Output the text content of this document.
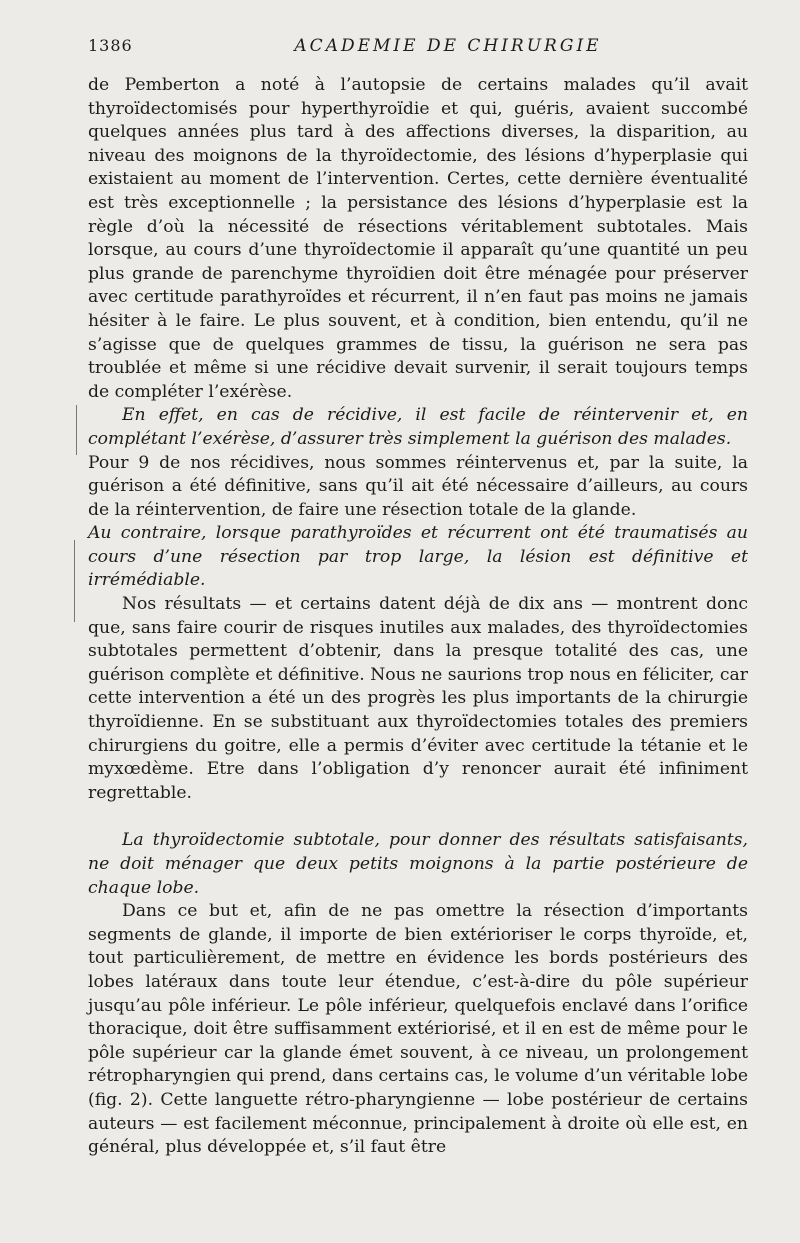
1386	ACADEMIE DE CHIRURGIE

de Pemberton a noté à l’autopsie de certains malades qu’il avait thyroïdectomisés pour hyperthyroïdie et qui, guéris, avaient succombé quelques années plus tard à des affections diverses, la disparition, au niveau des moignons de la thyroïdectomie, des lésions d’hyperplasie qui existaient au moment de l’intervention. Certes, cette dernière éventualité est très exceptionnelle ; la persistance des lésions d’hyperplasie est la règle d’où la nécessité de résections véritablement subtotales. Mais lorsque, au cours d’une thyroïdectomie il apparaît qu’une quantité un peu plus grande de parenchyme thyroïdien doit être ménagée pour préserver avec certitude parathyroïdes et récurrent, il n’en faut pas moins ne jamais hésiter à le faire. Le plus souvent, et à condition, bien entendu, qu’il ne s’agisse que de quelques grammes de tissu, la guérison ne sera pas troublée et même si une récidive devait survenir, il serait toujours temps de compléter l’exérèse.

En effet, en cas de récidive, il est facile de réintervenir et, en complétant l’exérèse, d’assurer très simplement la guérison des malades.

Pour 9 de nos récidives, nous sommes réintervenus et, par la suite, la guérison a été définitive, sans qu’il ait été nécessaire d’ailleurs, au cours de la réintervention, de faire une résection totale de la glande.

Au contraire, lorsque parathyroïdes et récurrent ont été traumatisés au cours d’une résection par trop large, la lésion est définitive et irrémédiable.

Nos résultats — et certains datent déjà de dix ans — montrent donc que, sans faire courir de risques inutiles aux malades, des thyroïdectomies subtotales permettent d’obtenir, dans la presque totalité des cas, une guérison complète et définitive. Nous ne saurions trop nous en féliciter, car cette intervention a été un des progrès les plus importants de la chirurgie thyroïdienne. En se substituant aux thyroïdectomies totales des premiers chirurgiens du goitre, elle a permis d’éviter avec certitude la tétanie et le myxœdème. Etre dans l’obligation d’y renoncer aurait été infiniment regrettable.

La thyroïdectomie subtotale, pour donner des résultats satisfaisants, ne doit ménager que deux petits moignons à la partie postérieure de chaque lobe.

Dans ce but et, afin de ne pas omettre la résection d’importants segments de glande, il importe de bien extérioriser le corps thyroïde, et, tout particulièrement, de mettre en évidence les bords postérieurs des lobes latéraux dans toute leur étendue, c’est-à-dire du pôle supérieur jusqu’au pôle inférieur. Le pôle inférieur, quelquefois enclavé dans l’orifice thoracique, doit être suffisamment extériorisé, et il en est de même pour le pôle supérieur car la glande émet souvent, à ce niveau, un prolongement rétropharyngien qui prend, dans certains cas, le volume d’un véritable lobe (fig. 2). Cette languette rétro-pharyngienne — lobe postérieur de certains auteurs — est facilement méconnue, principalement à droite où elle est, en général, plus développée et, s’il faut être
